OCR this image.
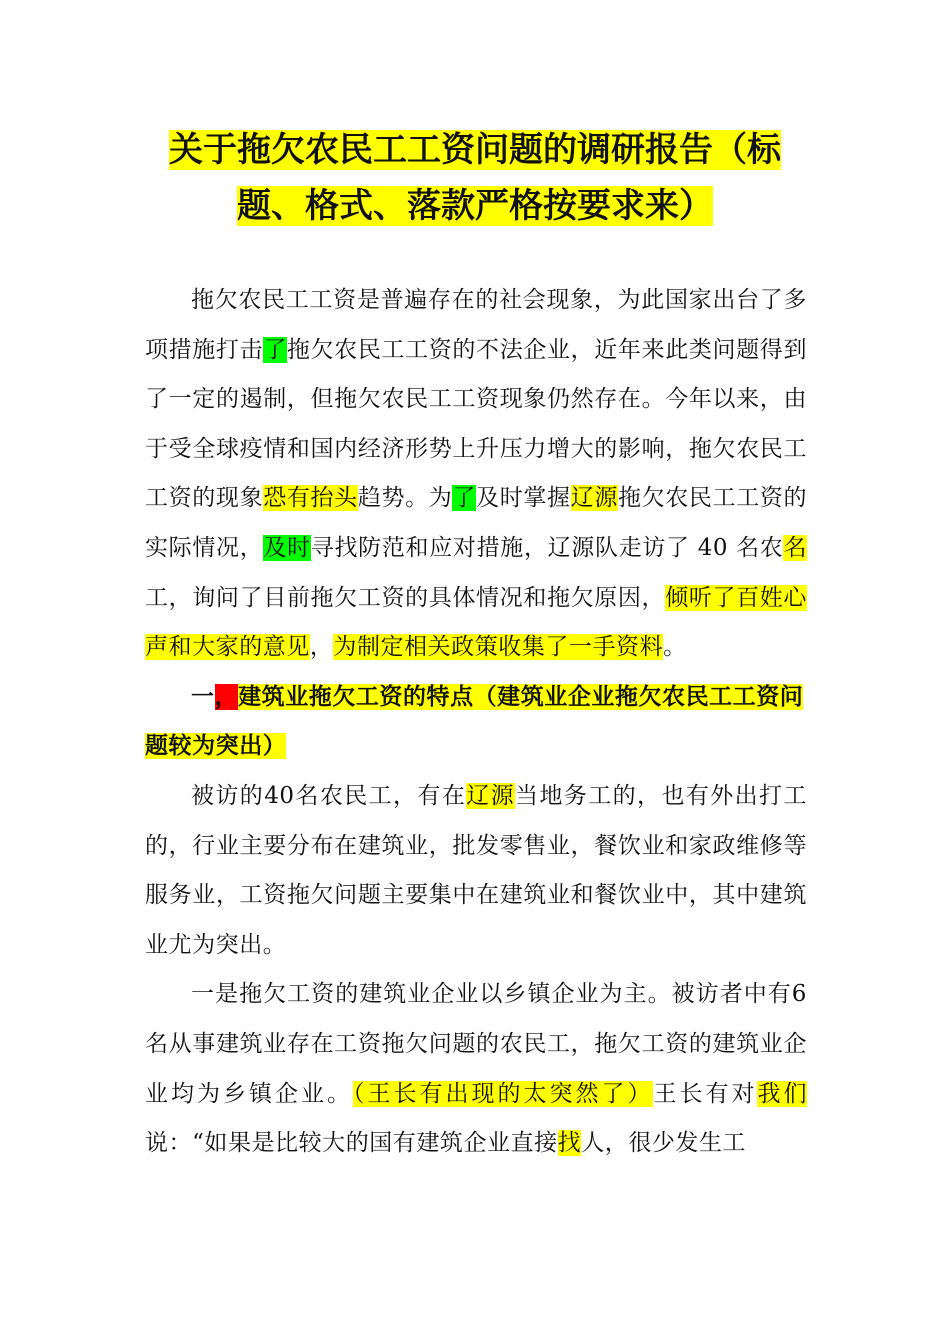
关于拖欠农民工工资问题的调研报告（标
题、格式、落款严格按要求来）

拖欠农民工工资是普遍存在的社会现象，为此国家出台了多项措施打击了拖欠农民工工资的不法企业，近年来此类问题得到了一定的遏制，但拖欠农民工工资现象仍然存在。今年以来，由于受全球疫情和国内经济形势上升压力增大的影响，拖欠农民工工资的现象恐有抬头趋势。为了及时掌握辽源拖欠农民工工资的实际情况，及时寻找防范和应对措施，辽源队走访了 40 名农名工，询问了目前拖欠工资的具体情况和拖欠原因，倾听了百姓心声和大家的意见，为制定相关政策收集了一手资料。

一，建筑业拖欠工资的特点（建筑业企业拖欠农民工工资问题较为突出）

被访的40名农民工，有在辽源当地务工的，也有外出打工的，行业主要分布在建筑业，批发零售业，餐饮业和家政维修等服务业，工资拖欠问题主要集中在建筑业和餐饮业中，其中建筑业尤为突出。

一是拖欠工资的建筑业企业以乡镇企业为主。被访者中有6名从事建筑业存在工资拖欠问题的农民工，拖欠工资的建筑业企业均为乡镇企业。（王长有出现的太突然了）王长有对我们说：“如果是比较大的国有建筑企业直接找人，很少发生工
